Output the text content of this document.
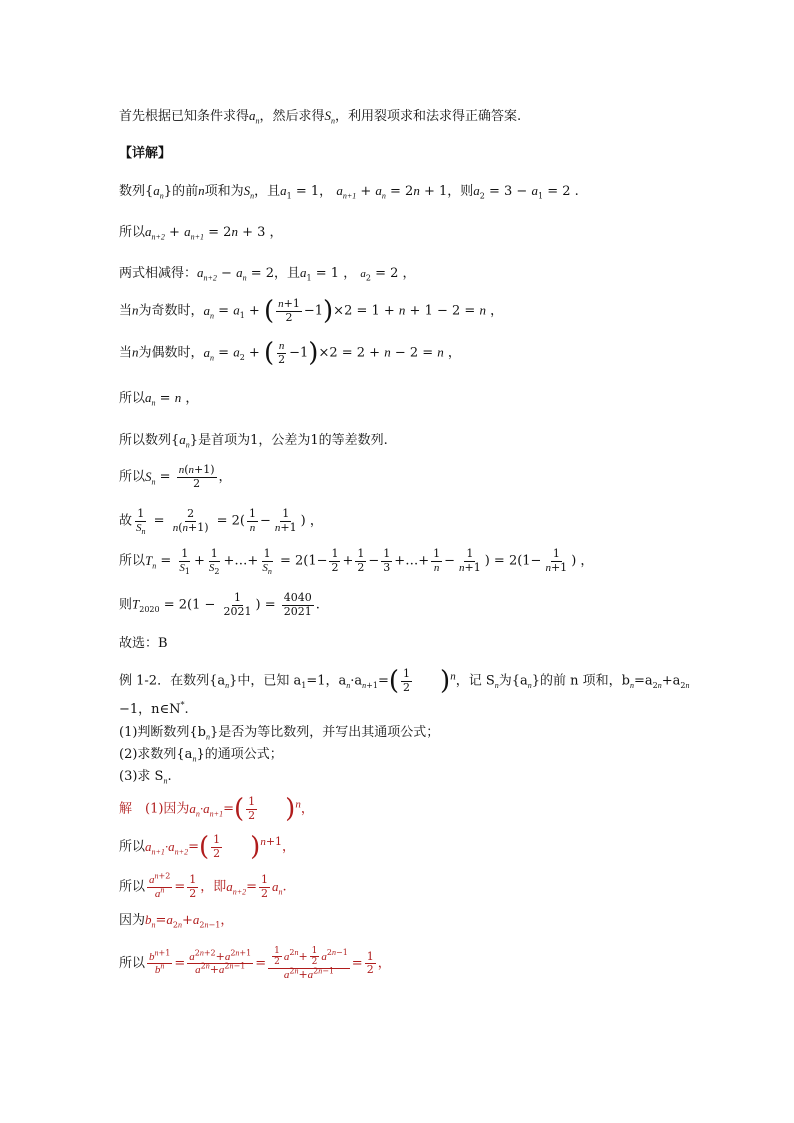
首先根据已知条件求得$a_n$，然后求得$S_n$，利用裂项求和法求得正确答案.
【详解】
数列$\{a_n\}$的前n项和为$S_n$，且$a_1 = 1$， $a_{n+1} + a_n = 2n + 1$，则$a_2 = 3 - a_1 = 2$ .
所以$a_{n+2} + a_{n+1} = 2n + 3$ ，
两式相减得：$a_{n+2} - a_n = 2$，且$a_1 = 1$ ， $a_2 = 2$ ，
当n为奇数时，$a_n = a_1$ + ( $\frac{n+1}{2} -1)\times 2 = 1 + n + 1 - 2 = n$ ，
当n为偶数时，$a_n = a_2$ + ( $\frac{n}{2} -1)\times 2 = 2 + n - 2 = n$ ，
所以$a_n = n$ ，
所以数列$\{a_n\}$是首项为1，公差为1的等差数列.
所以$S_n = \frac{n(n+1)}{2}$ ，
故 $\frac{1}{S_n} = \frac{2}{n(n+1)} = 2( \frac{1}{n} - \frac{1}{n+1}$ ) ，
所以$T_n = \frac{1}{S_1} + \frac{1}{S_2}$ +…+ $\frac{1}{S_n} = 2(1- \frac{1}{2} + \frac{1}{2} - \frac{1}{3}$ +…+ $\frac{1}{n} - \frac{1}{n+1}$ ) = $2(1- \frac{1}{n+1}$ ) ，
则$T_{2020} = 2(1 - \frac{1}{2021}$ ) = $\frac{4040}{2021}$ .
故选：B
例 1-2．在数列$\{a_n\}$中，已知 $a_1=1$，$a_n\cdot a_{n+1}=( \frac{1}{2}$
　　 )$^n$，记 $S_n$为$\{a_n\}$的前 n 项和，$b_n=a_{2n}+a_{2n}$
−1，n∈N*.
(1)判断数列$\{b_n\}$是否为等比数列，并写出其通项公式；
(2)求数列$\{a_n\}$的通项公式；
(3)求 $S_n$.
解　(1)因为$a_n\cdot a_{n+1}=( \frac{1}{2}$
　　 )$^n$，
所以$a_{n+1}\cdot a_{n+2}=( \frac{1}{2}$
　　 )$^{n+1}$，
所以 $\frac{a^{n+2}}{a^n} = \frac{1}{2}$ ，即$a_{n+2}= \frac{1}{2} a_n$.
因为$b_n=a_{2n}+a_{2n-1}$，
所以 $\frac{b^{n+1}}{b^n} = \frac{a^{2n+2}+a^{2n+1}}{a^{2n}+a^{2n-1}} = \frac{\frac{1}{2} a^{2n}+ \frac{1}{2} a^{2n-1}}{a^{2n}+a^{2n-1}} = \frac{1}{2}$ ，
